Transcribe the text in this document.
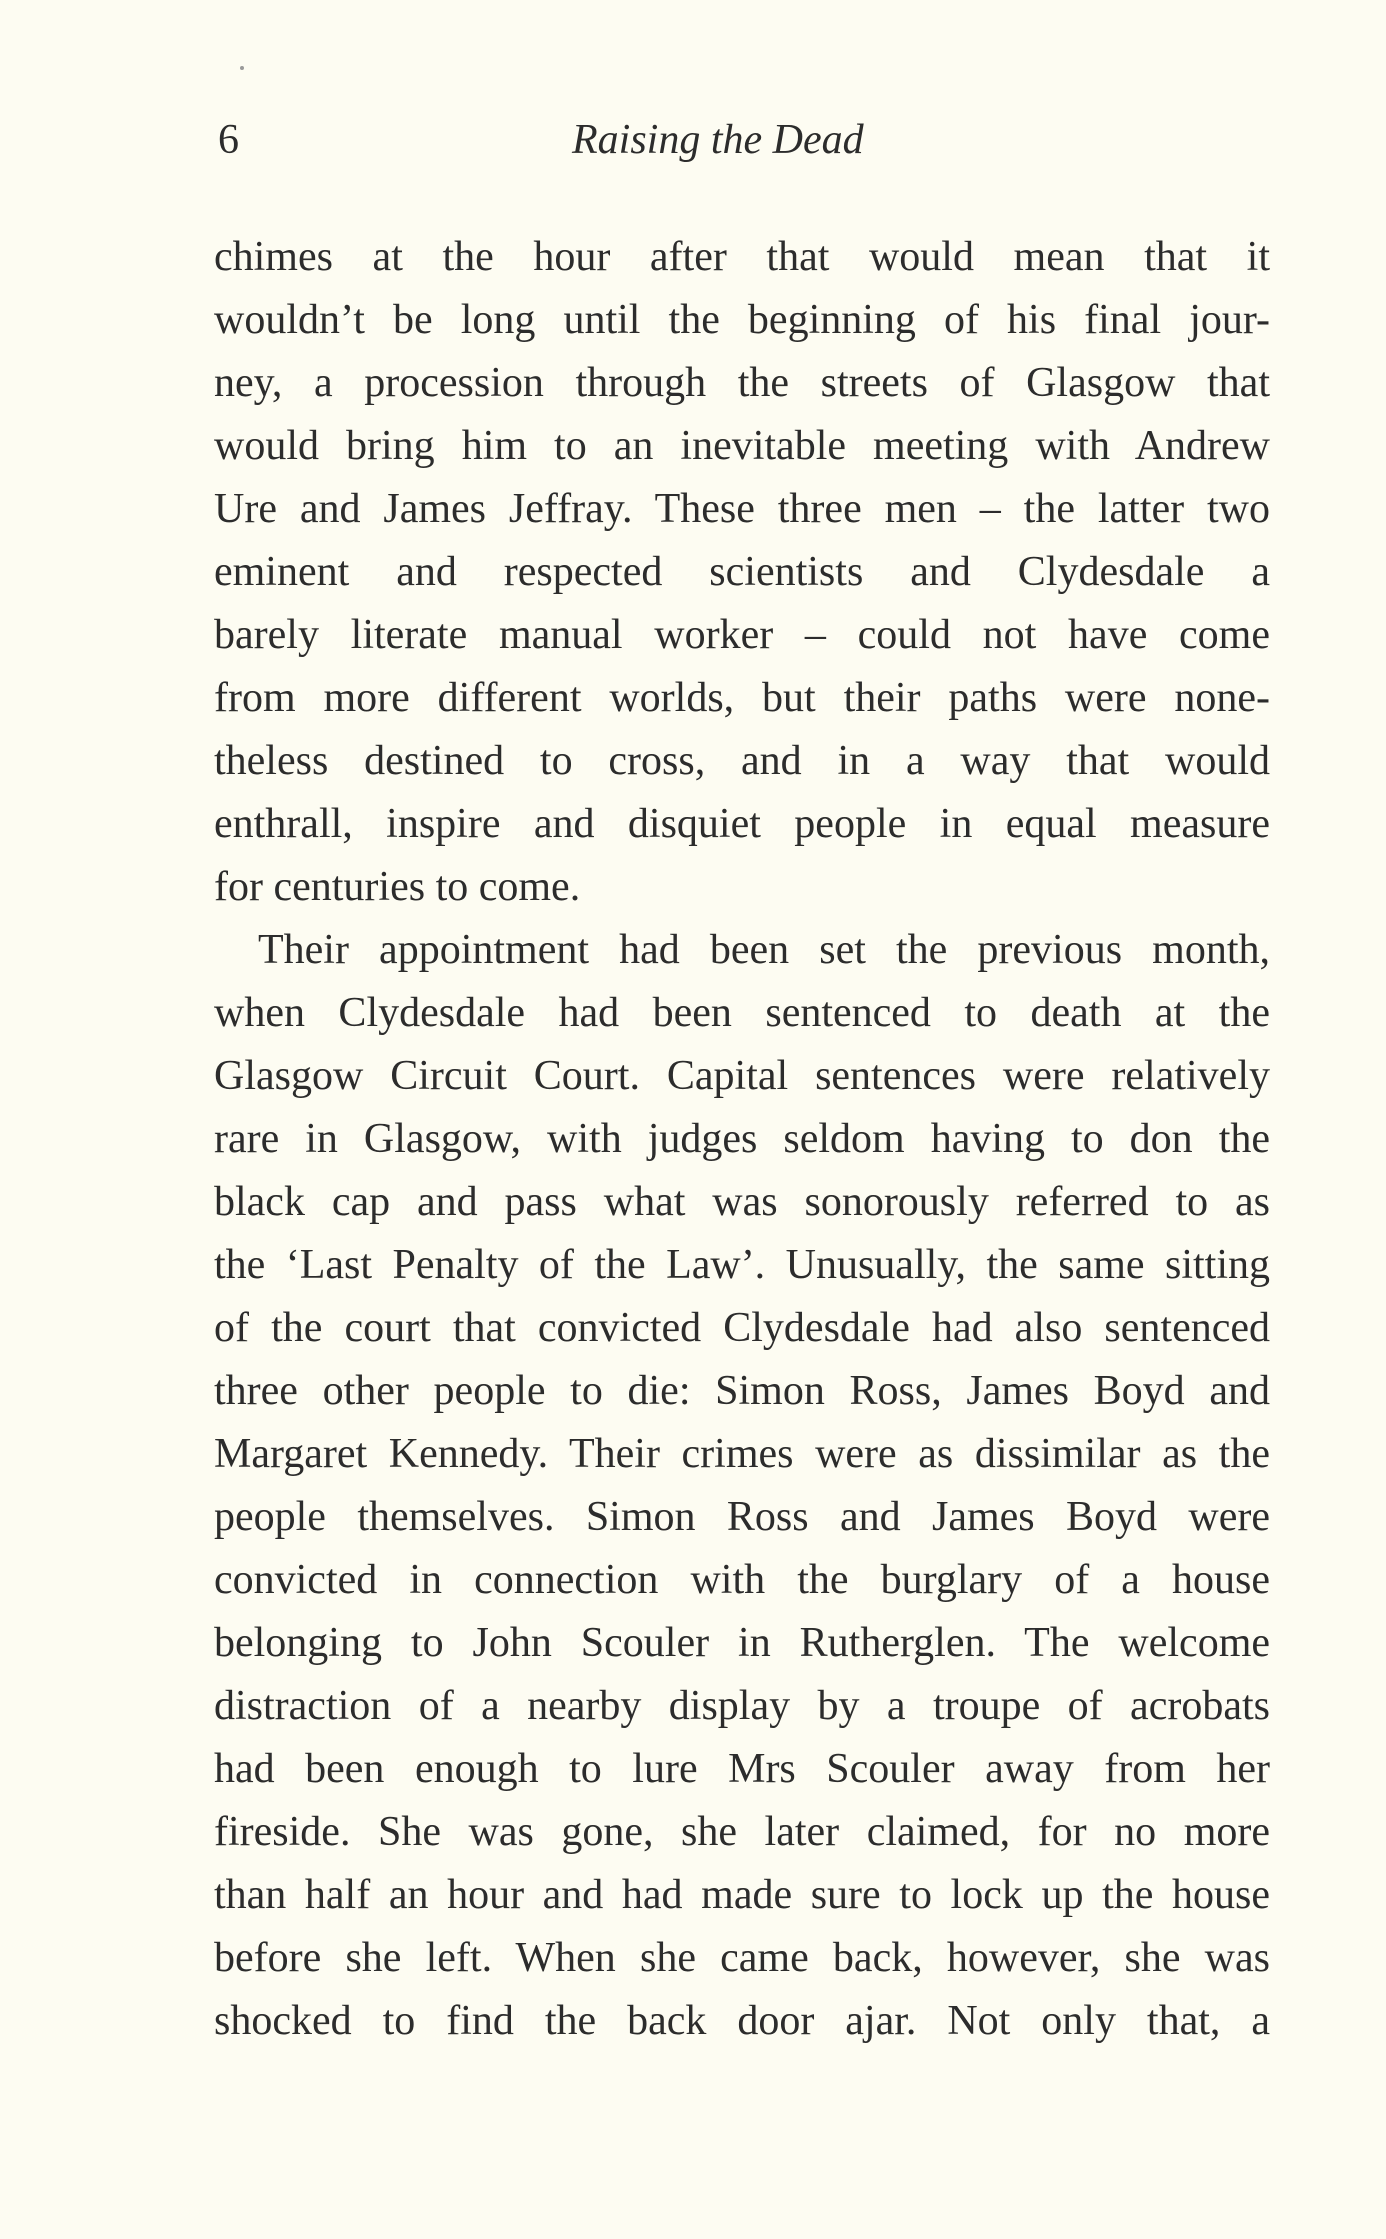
6	Raising the Dead
chimes at the hour after that would mean that it
wouldn’t be long until the beginning of his final jour-
ney, a procession through the streets of Glasgow that
would bring him to an inevitable meeting with Andrew
Ure and James Jeffray. These three men – the latter two
eminent and respected scientists and Clydesdale a
barely literate manual worker – could not have come
from more different worlds, but their paths were none-
theless destined to cross, and in a way that would
enthrall, inspire and disquiet people in equal measure
for centuries to come.
Their appointment had been set the previous month,
when Clydesdale had been sentenced to death at the
Glasgow Circuit Court. Capital sentences were relatively
rare in Glasgow, with judges seldom having to don the
black cap and pass what was sonorously referred to as
the ‘Last Penalty of the Law’. Unusually, the same sitting
of the court that convicted Clydesdale had also sentenced
three other people to die: Simon Ross, James Boyd and
Margaret Kennedy. Their crimes were as dissimilar as the
people themselves. Simon Ross and James Boyd were
convicted in connection with the burglary of a house
belonging to John Scouler in Rutherglen. The welcome
distraction of a nearby display by a troupe of acrobats
had been enough to lure Mrs Scouler away from her
fireside. She was gone, she later claimed, for no more
than half an hour and had made sure to lock up the house
before she left. When she came back, however, she was
shocked to find the back door ajar. Not only that, a
